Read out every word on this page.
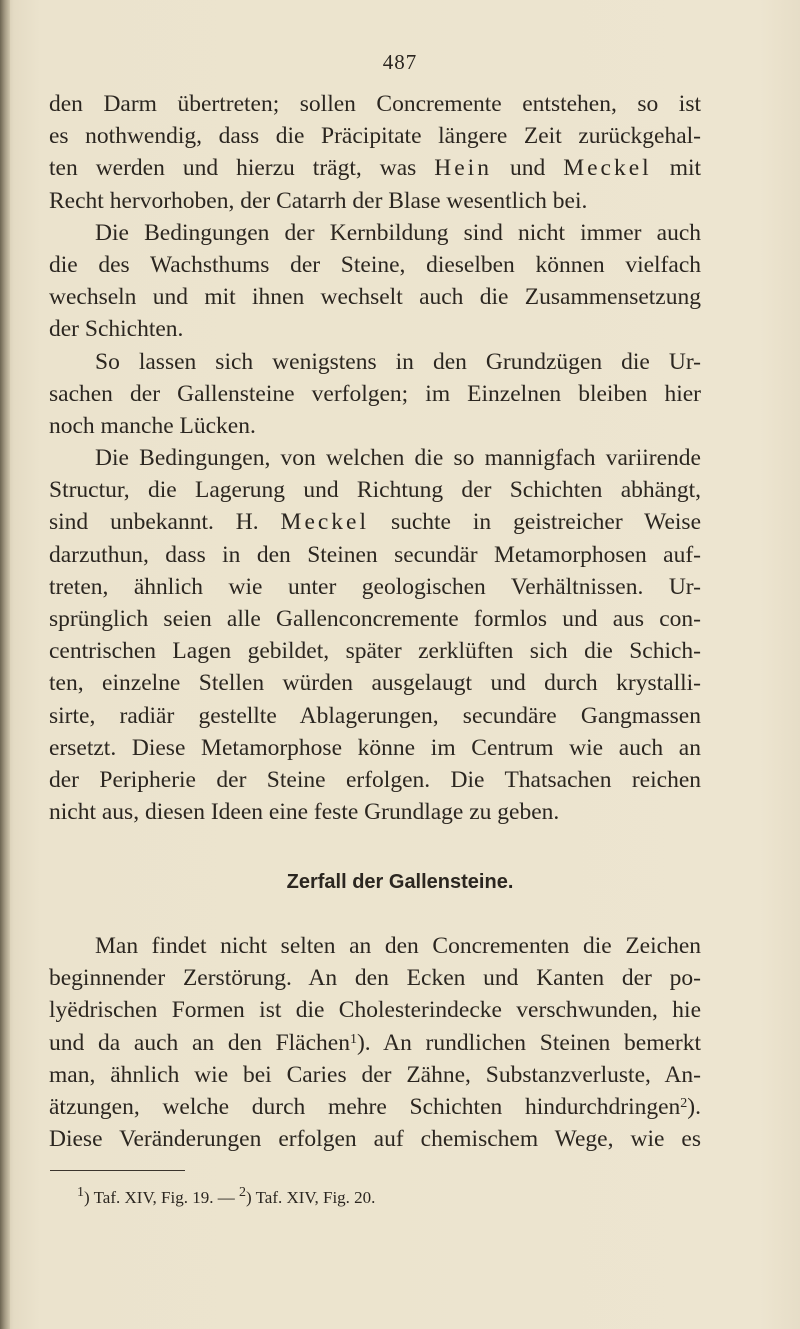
487
den Darm übertreten; sollen Concremente entstehen, so ist
es nothwendig, dass die Präcipitate längere Zeit zurückgehal-
ten werden und hierzu trägt, was Hein und Meckel mit
Recht hervorhoben, der Catarrh der Blase wesentlich bei.
Die Bedingungen der Kernbildung sind nicht immer auch
die des Wachsthums der Steine, dieselben können vielfach
wechseln und mit ihnen wechselt auch die Zusammensetzung
der Schichten.
So lassen sich wenigstens in den Grundzügen die Ur-
sachen der Gallensteine verfolgen; im Einzelnen bleiben hier
noch manche Lücken.
Die Bedingungen, von welchen die so mannigfach variirende
Structur, die Lagerung und Richtung der Schichten abhängt,
sind unbekannt. H. Meckel suchte in geistreicher Weise
darzuthun, dass in den Steinen secundär Metamorphosen auf-
treten, ähnlich wie unter geologischen Verhältnissen. Ur-
sprünglich seien alle Gallenconcremente formlos und aus con-
centrischen Lagen gebildet, später zerklüften sich die Schich-
ten, einzelne Stellen würden ausgelaugt und durch krystalli-
sirte, radiär gestellte Ablagerungen, secundäre Gangmassen
ersetzt. Diese Metamorphose könne im Centrum wie auch an
der Peripherie der Steine erfolgen. Die Thatsachen reichen
nicht aus, diesen Ideen eine feste Grundlage zu geben.
Zerfall der Gallensteine.
Man findet nicht selten an den Concrementen die Zeichen
beginnender Zerstörung. An den Ecken und Kanten der po-
lyëdrischen Formen ist die Cholesterindecke verschwunden, hie
und da auch an den Flächen$^1$). An rundlichen Steinen bemerkt
man, ähnlich wie bei Caries der Zähne, Substanzverluste, An-
ätzungen, welche durch mehre Schichten hindurchdringen$^2$).
Diese Veränderungen erfolgen auf chemischem Wege, wie es
$^1$) Taf. XIV, Fig. 19. — $^2$) Taf. XIV, Fig. 20.
